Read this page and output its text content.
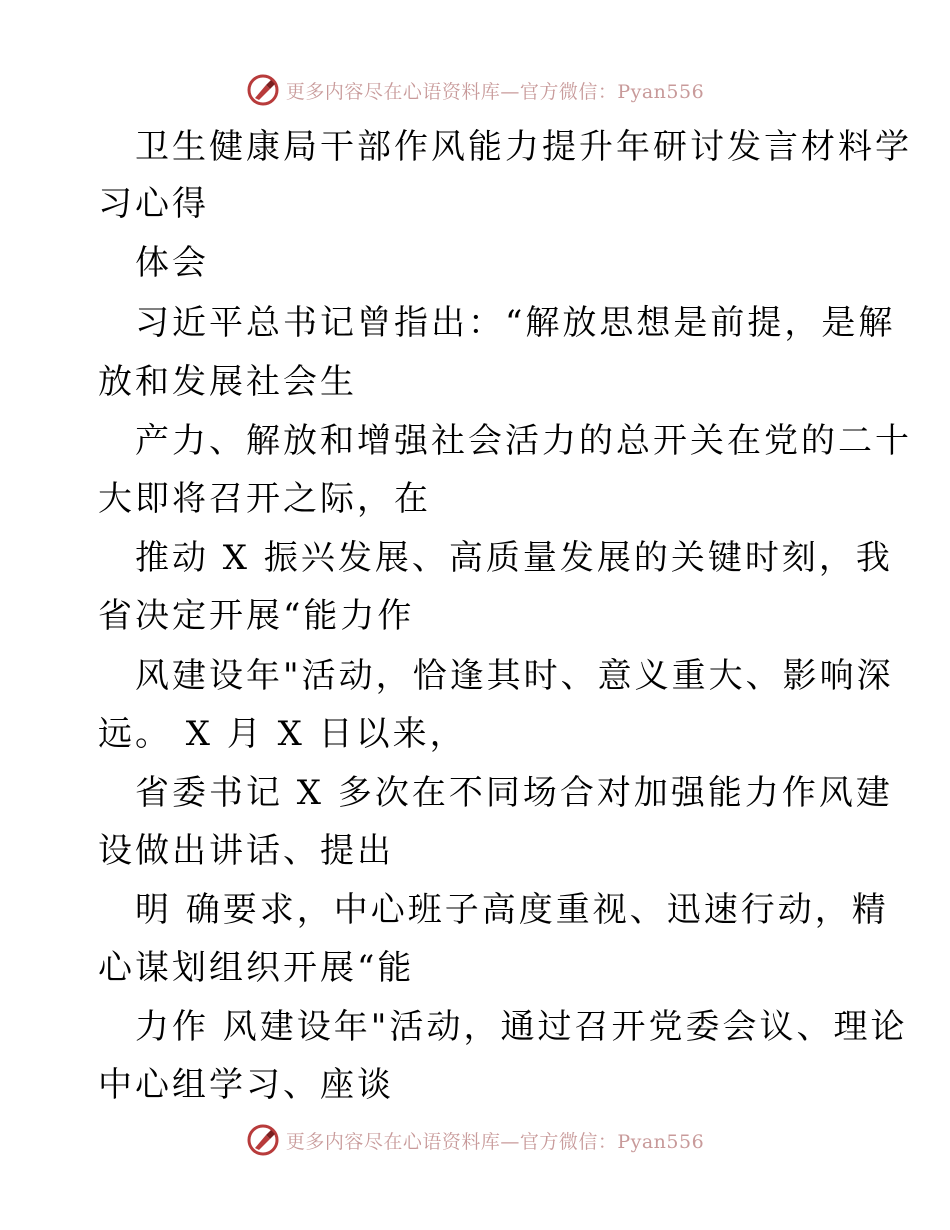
更多内容尽在心语资料库—官方微信：Pyan556
卫生健康局干部作风能力提升年研讨发言材料学
习心得
体会
习近平总书记曾指出：“解放思想是前提，是解
放和发展社会生
产力、解放和增强社会活力的总开关在党的二十
大即将召开之际，在
推动 X 振兴发展、高质量发展的关键时刻，我
省决定开展“能力作
风建设年"活动，恰逢其时、意义重大、影响深
远。 X 月 X 日以来，
省委书记 X 多次在不同场合对加强能力作风建
设做出讲话、提出
明 确要求，中心班子高度重视、迅速行动，精
心谋划组织开展“能
力作 风建设年"活动，通过召开党委会议、理论
中心组学习、座谈
更多内容尽在心语资料库—官方微信：Pyan556
